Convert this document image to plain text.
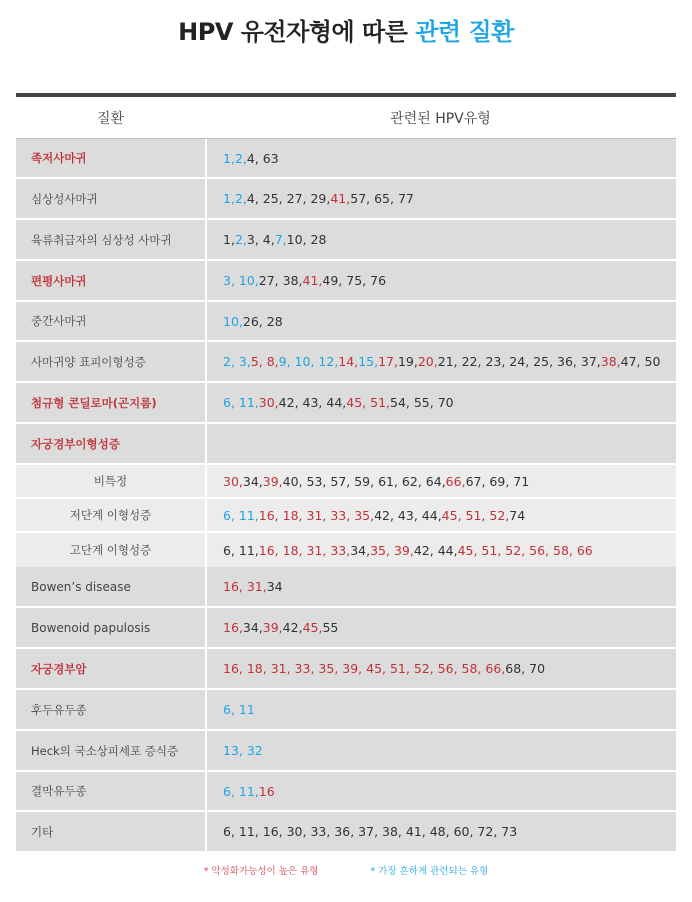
HPV 유전자형에 따른 관련 질환
질환	관련된 HPV유형
족저사마귀	1, 2, 4, 63
심상성사마귀	1, 2, 4, 25, 27, 29, 41, 57, 65, 77
육류취급자의 심상성 사마귀	1, 2, 3, 4, 7, 10, 28
편평사마귀	3, 10, 27, 38, 41, 49, 75, 76
중간사마귀	10, 26, 28
사마귀양 표피이형성증	2, 3, 5, 8, 9, 10, 12, 14, 15, 17, 19, 20, 21, 22, 23, 24, 25, 36, 37, 38, 47, 50
첨규형 콘딜로마(곤지름)	6, 11, 30, 42, 43, 44, 45, 51, 54, 55, 70
자궁경부이형성증
비특정	30, 34, 39, 40, 53, 57, 59, 61, 62, 64, 66, 67, 69, 71
저단계 이형성증	6, 11, 16, 18, 31, 33, 35, 42, 43, 44, 45, 51, 52, 74
고단계 이형성증	6, 11, 16, 18, 31, 33, 34, 35, 39, 42, 44, 45, 51, 52, 56, 58, 66
Bowen’s disease	16, 31, 34
Bowenoid papulosis	16, 34, 39, 42, 45, 55
자궁경부암	16, 18, 31, 33, 35, 39, 45, 51, 52, 56, 58, 66, 68, 70
후두유두종	6, 11
Heck의 국소상피세포 증식증	13, 32
결막유두종	6, 11, 16
기타	6, 11, 16, 30, 33, 36, 37, 38, 41, 48, 60, 72, 73
* 악성화가능성이 높은 유형	* 가장 흔하게 관련되는 유형
